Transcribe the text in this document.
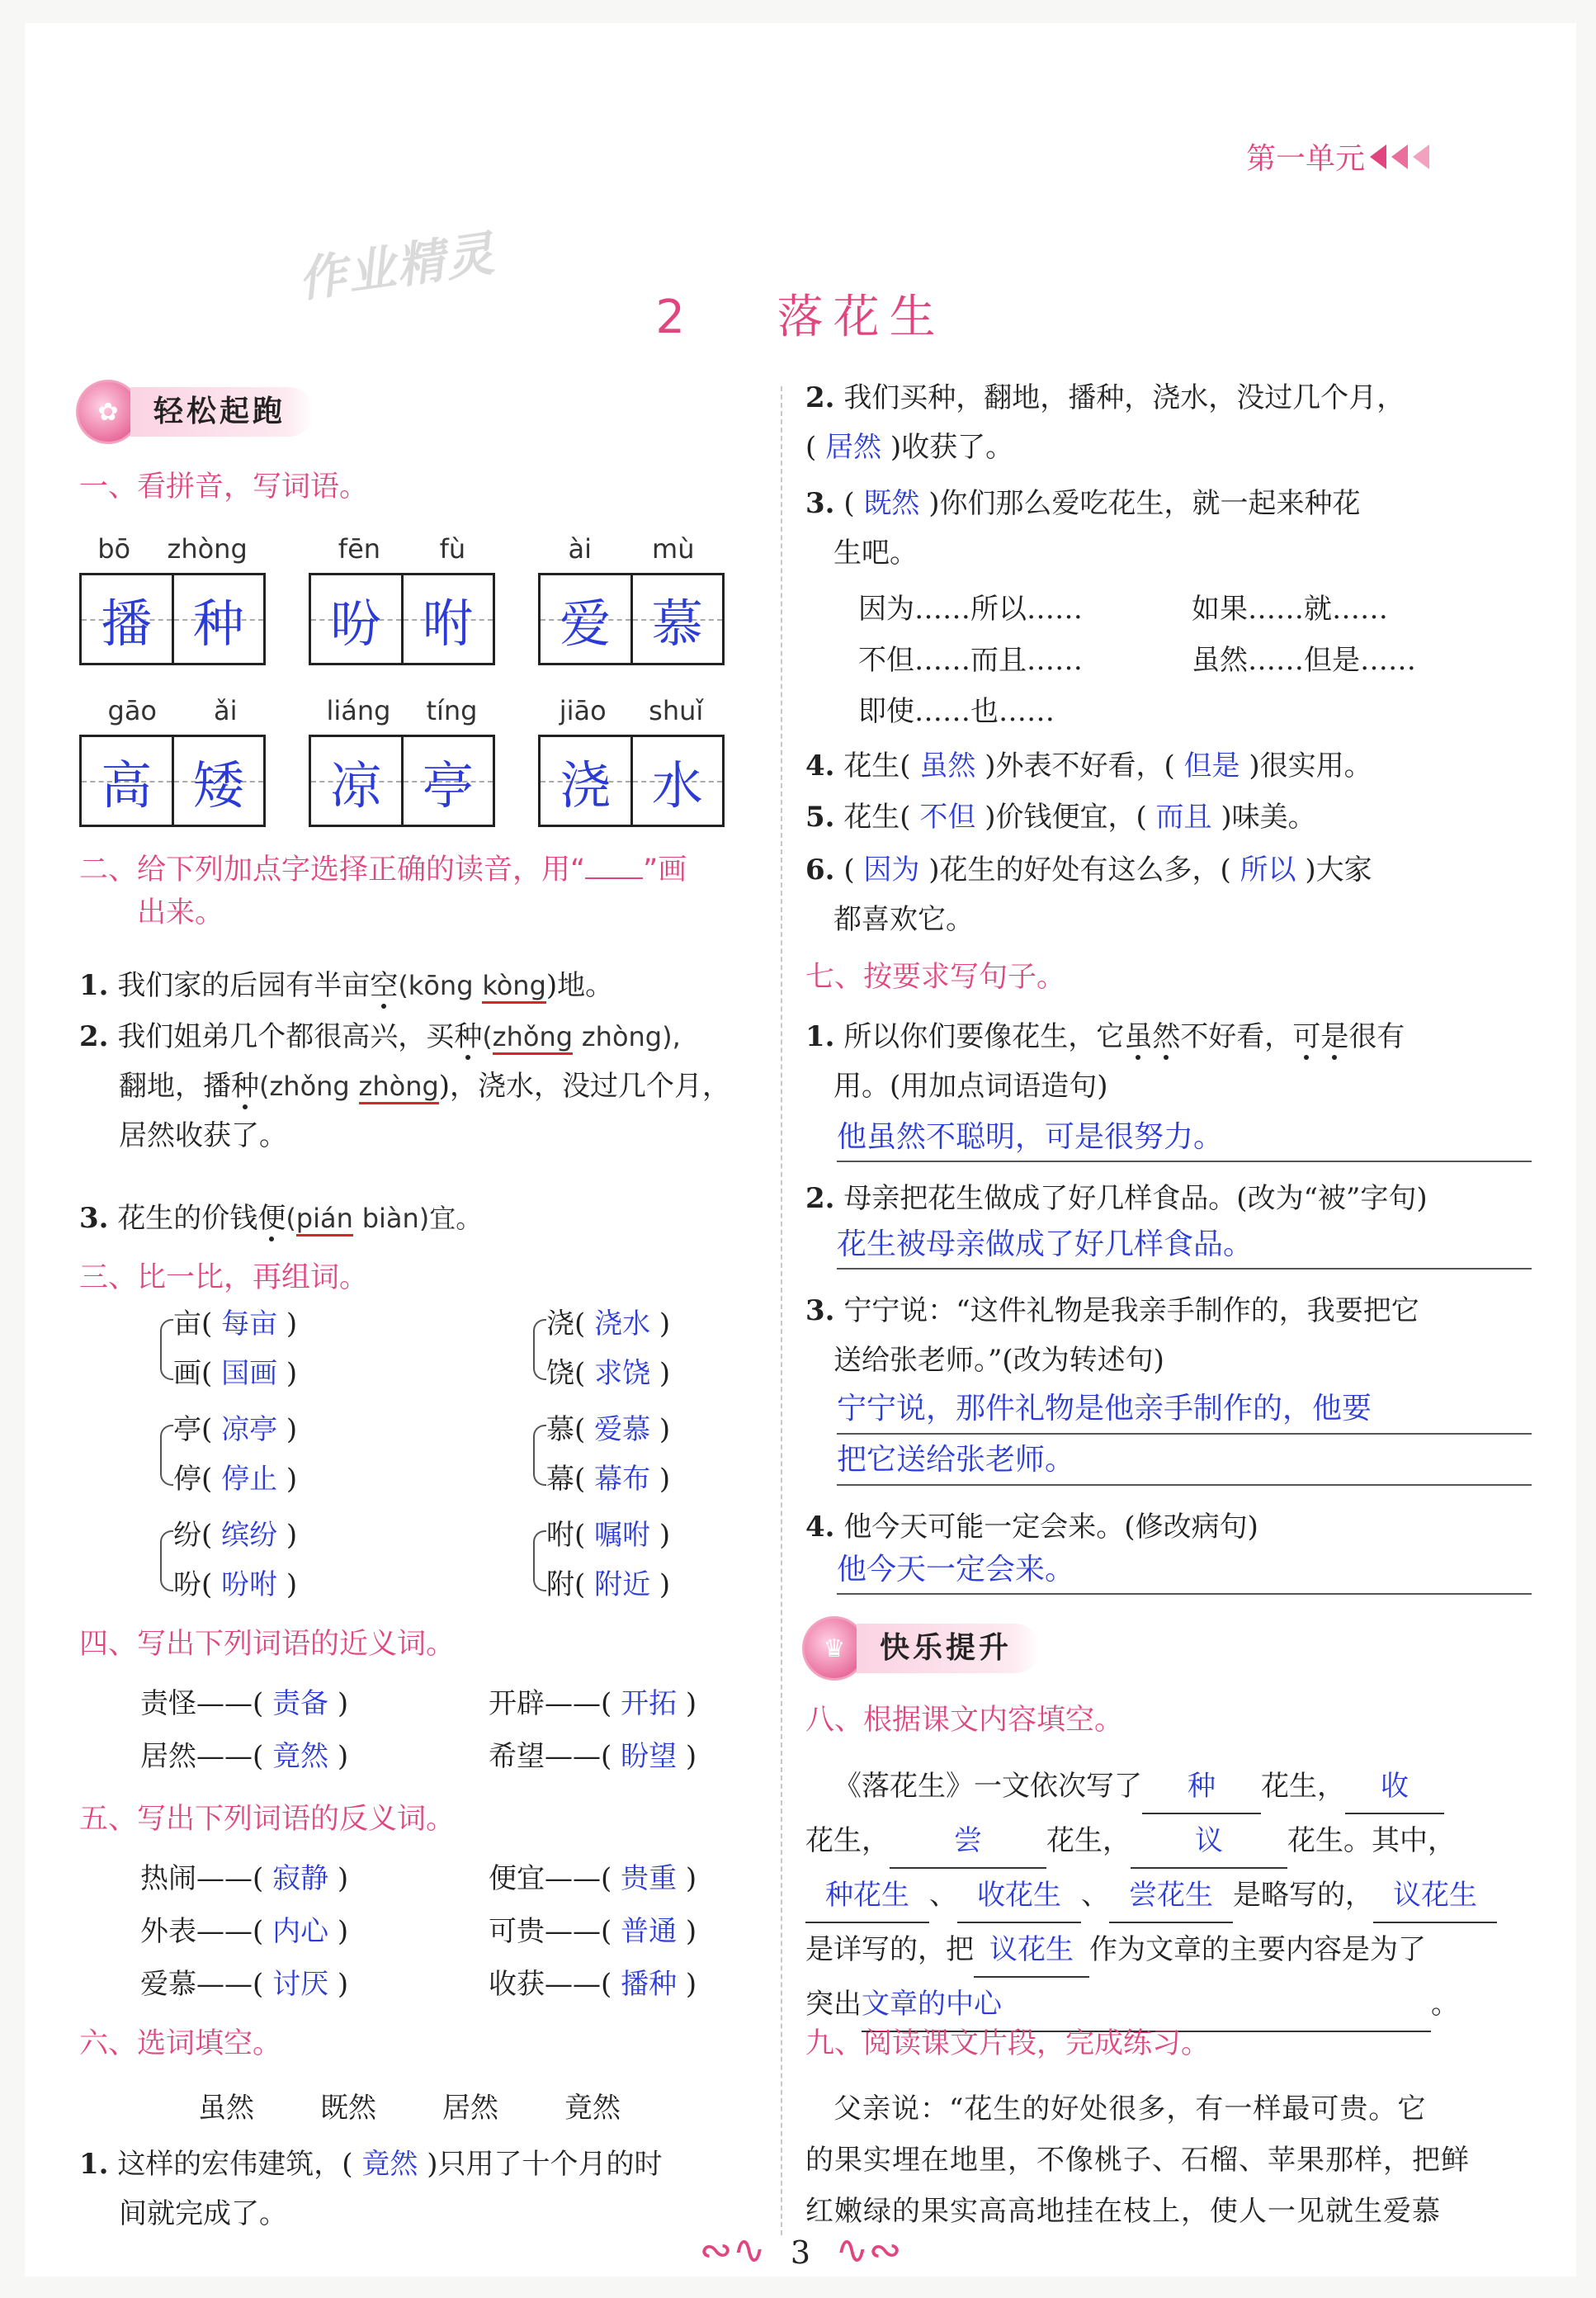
第一单元
作业精灵
2 落花生
✿	轻松起跑
一、看拼音，写词语。
bō zhòng
播 种
fēn fù
吩 咐
ài mù
爱 慕
gāo ǎi
高 矮
liáng tíng
凉 亭
jiāo shuǐ
浇 水
二、给下列加点字选择正确的读音，用“ ”画
出来。
1. 我们家的后园有半亩空(kōng kòng)地。
2. 我们姐弟几个都很高兴，买种(zhǒng zhòng),
翻地，播种(zhǒng zhòng)，浇水，没过几个月，
居然收获了。
3. 花生的价钱便(pián biàn)宜。
三、比一比，再组词。
亩( 每亩 )
画( 国画 )
浇( 浇水 )
饶( 求饶 )
亭( 凉亭 )
停( 停止 )
慕( 爱慕 )
幕( 幕布 )
纷( 缤纷 )
吩( 吩咐 )
咐( 嘱咐 )
附( 附近 )
四、写出下列词语的近义词。
责怪——( 责备 )	开辟——( 开拓 )
居然——( 竟然 )	希望——( 盼望 )
五、写出下列词语的反义词。
热闹——( 寂静 )	便宜——( 贵重 )
外表——( 内心 )	可贵——( 普通 )
爱慕——( 讨厌 )	收获——( 播种 )
六、选词填空。
虽然 既然 居然 竟然
1. 这样的宏伟建筑，( 竟然 )只用了十个月的时
间就完成了。
2. 我们买种，翻地，播种，浇水，没过几个月，
( 居然 )收获了。
3. ( 既然 )你们那么爱吃花生，就一起来种花
生吧。
因为……所以……	如果……就……
不但……而且……	虽然……但是……
即使……也……
4. 花生( 虽然 )外表不好看，( 但是 )很实用。
5. 花生( 不但 )价钱便宜，( 而且 )味美。
6. ( 因为 )花生的好处有这么多，( 所以 )大家
都喜欢它。
七、按要求写句子。
1. 所以你们要像花生，它虽然不好看，可是很有
用。(用加点词语造句)
他虽然不聪明，可是很努力。
2. 母亲把花生做成了好几样食品。(改为“被”字句)
花生被母亲做成了好几样食品。
3. 宁宁说：“这件礼物是我亲手制作的，我要把它
送给张老师。”(改为转述句)
宁宁说，那件礼物是他亲手制作的，他要
把它送给张老师。
4. 他今天可能一定会来。(修改病句)
他今天一定会来。
♛	快乐提升
八、根据课文内容填空。
《落花生》一文依次写了 种 花生， 收
花生， 尝 花生， 议 花生。其中，
种花生 、 收花生 、 尝花生 是略写的， 议花生
是详写的，把 议花生 作为文章的主要内容是为了
突出文章的中心	。
九、阅读课文片段，完成练习。
父亲说：“花生的好处很多，有一样最可贵。它
的果实埋在地里，不像桃子、石榴、苹果那样，把鲜
红嫩绿的果实高高地挂在枝上，使人一见就生爱慕
∾∿ 3 ∿∾
